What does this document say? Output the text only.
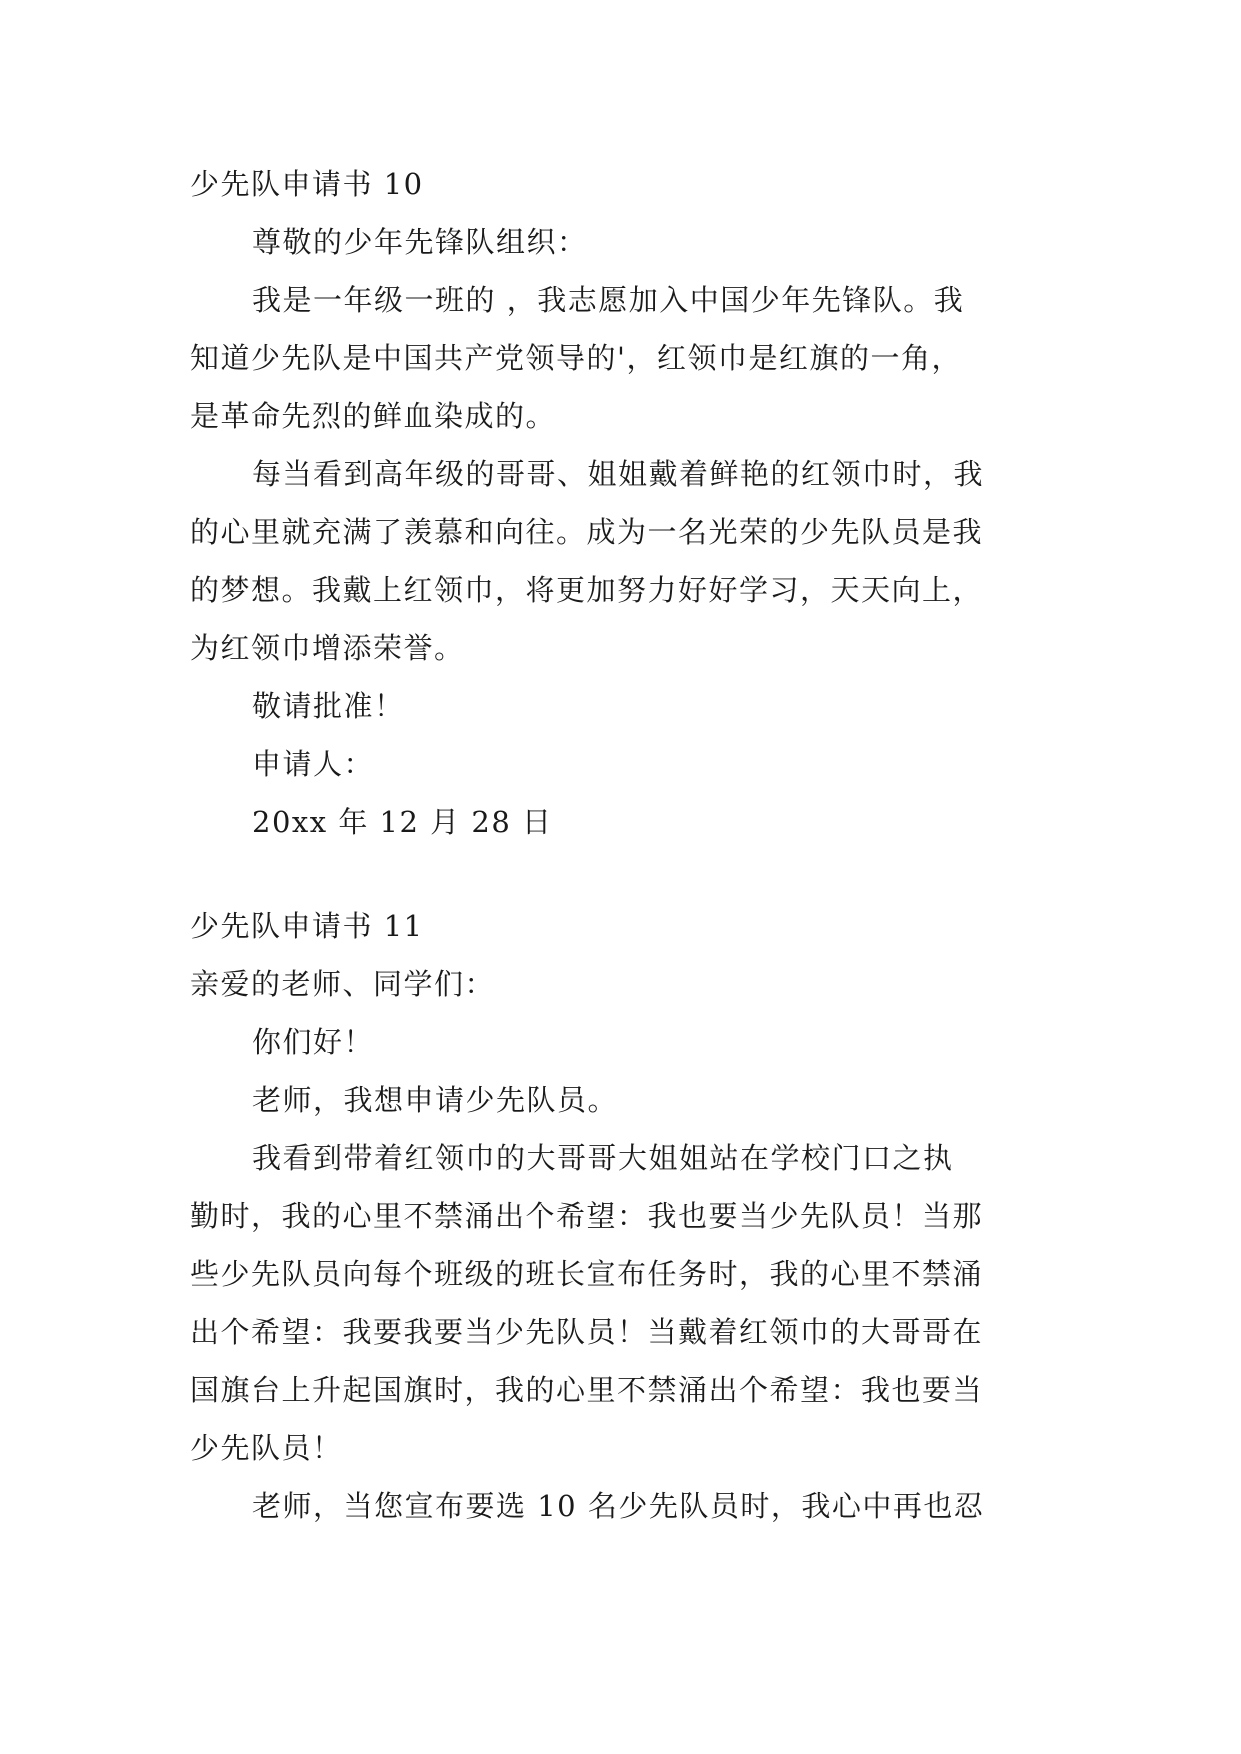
少先队申请书 10
尊敬的少年先锋队组织：
我是一年级一班的 ，我志愿加入中国少年先锋队。我
知道少先队是中国共产党领导的'，红领巾是红旗的一角，
是革命先烈的鲜血染成的。
每当看到高年级的哥哥、姐姐戴着鲜艳的红领巾时，我
的心里就充满了羡慕和向往。成为一名光荣的少先队员是我
的梦想。我戴上红领巾，将更加努力好好学习，天天向上，
为红领巾增添荣誉。
敬请批准！
申请人：
20xx 年 12 月 28 日
少先队申请书 11
亲爱的老师、同学们：
你们好！
老师，我想申请少先队员。
我看到带着红领巾的大哥哥大姐姐站在学校门口之执
勤时，我的心里不禁涌出个希望：我也要当少先队员！当那
些少先队员向每个班级的班长宣布任务时，我的心里不禁涌
出个希望：我要我要当少先队员！当戴着红领巾的大哥哥在
国旗台上升起国旗时，我的心里不禁涌出个希望：我也要当
少先队员！
老师，当您宣布要选 10 名少先队员时，我心中再也忍
